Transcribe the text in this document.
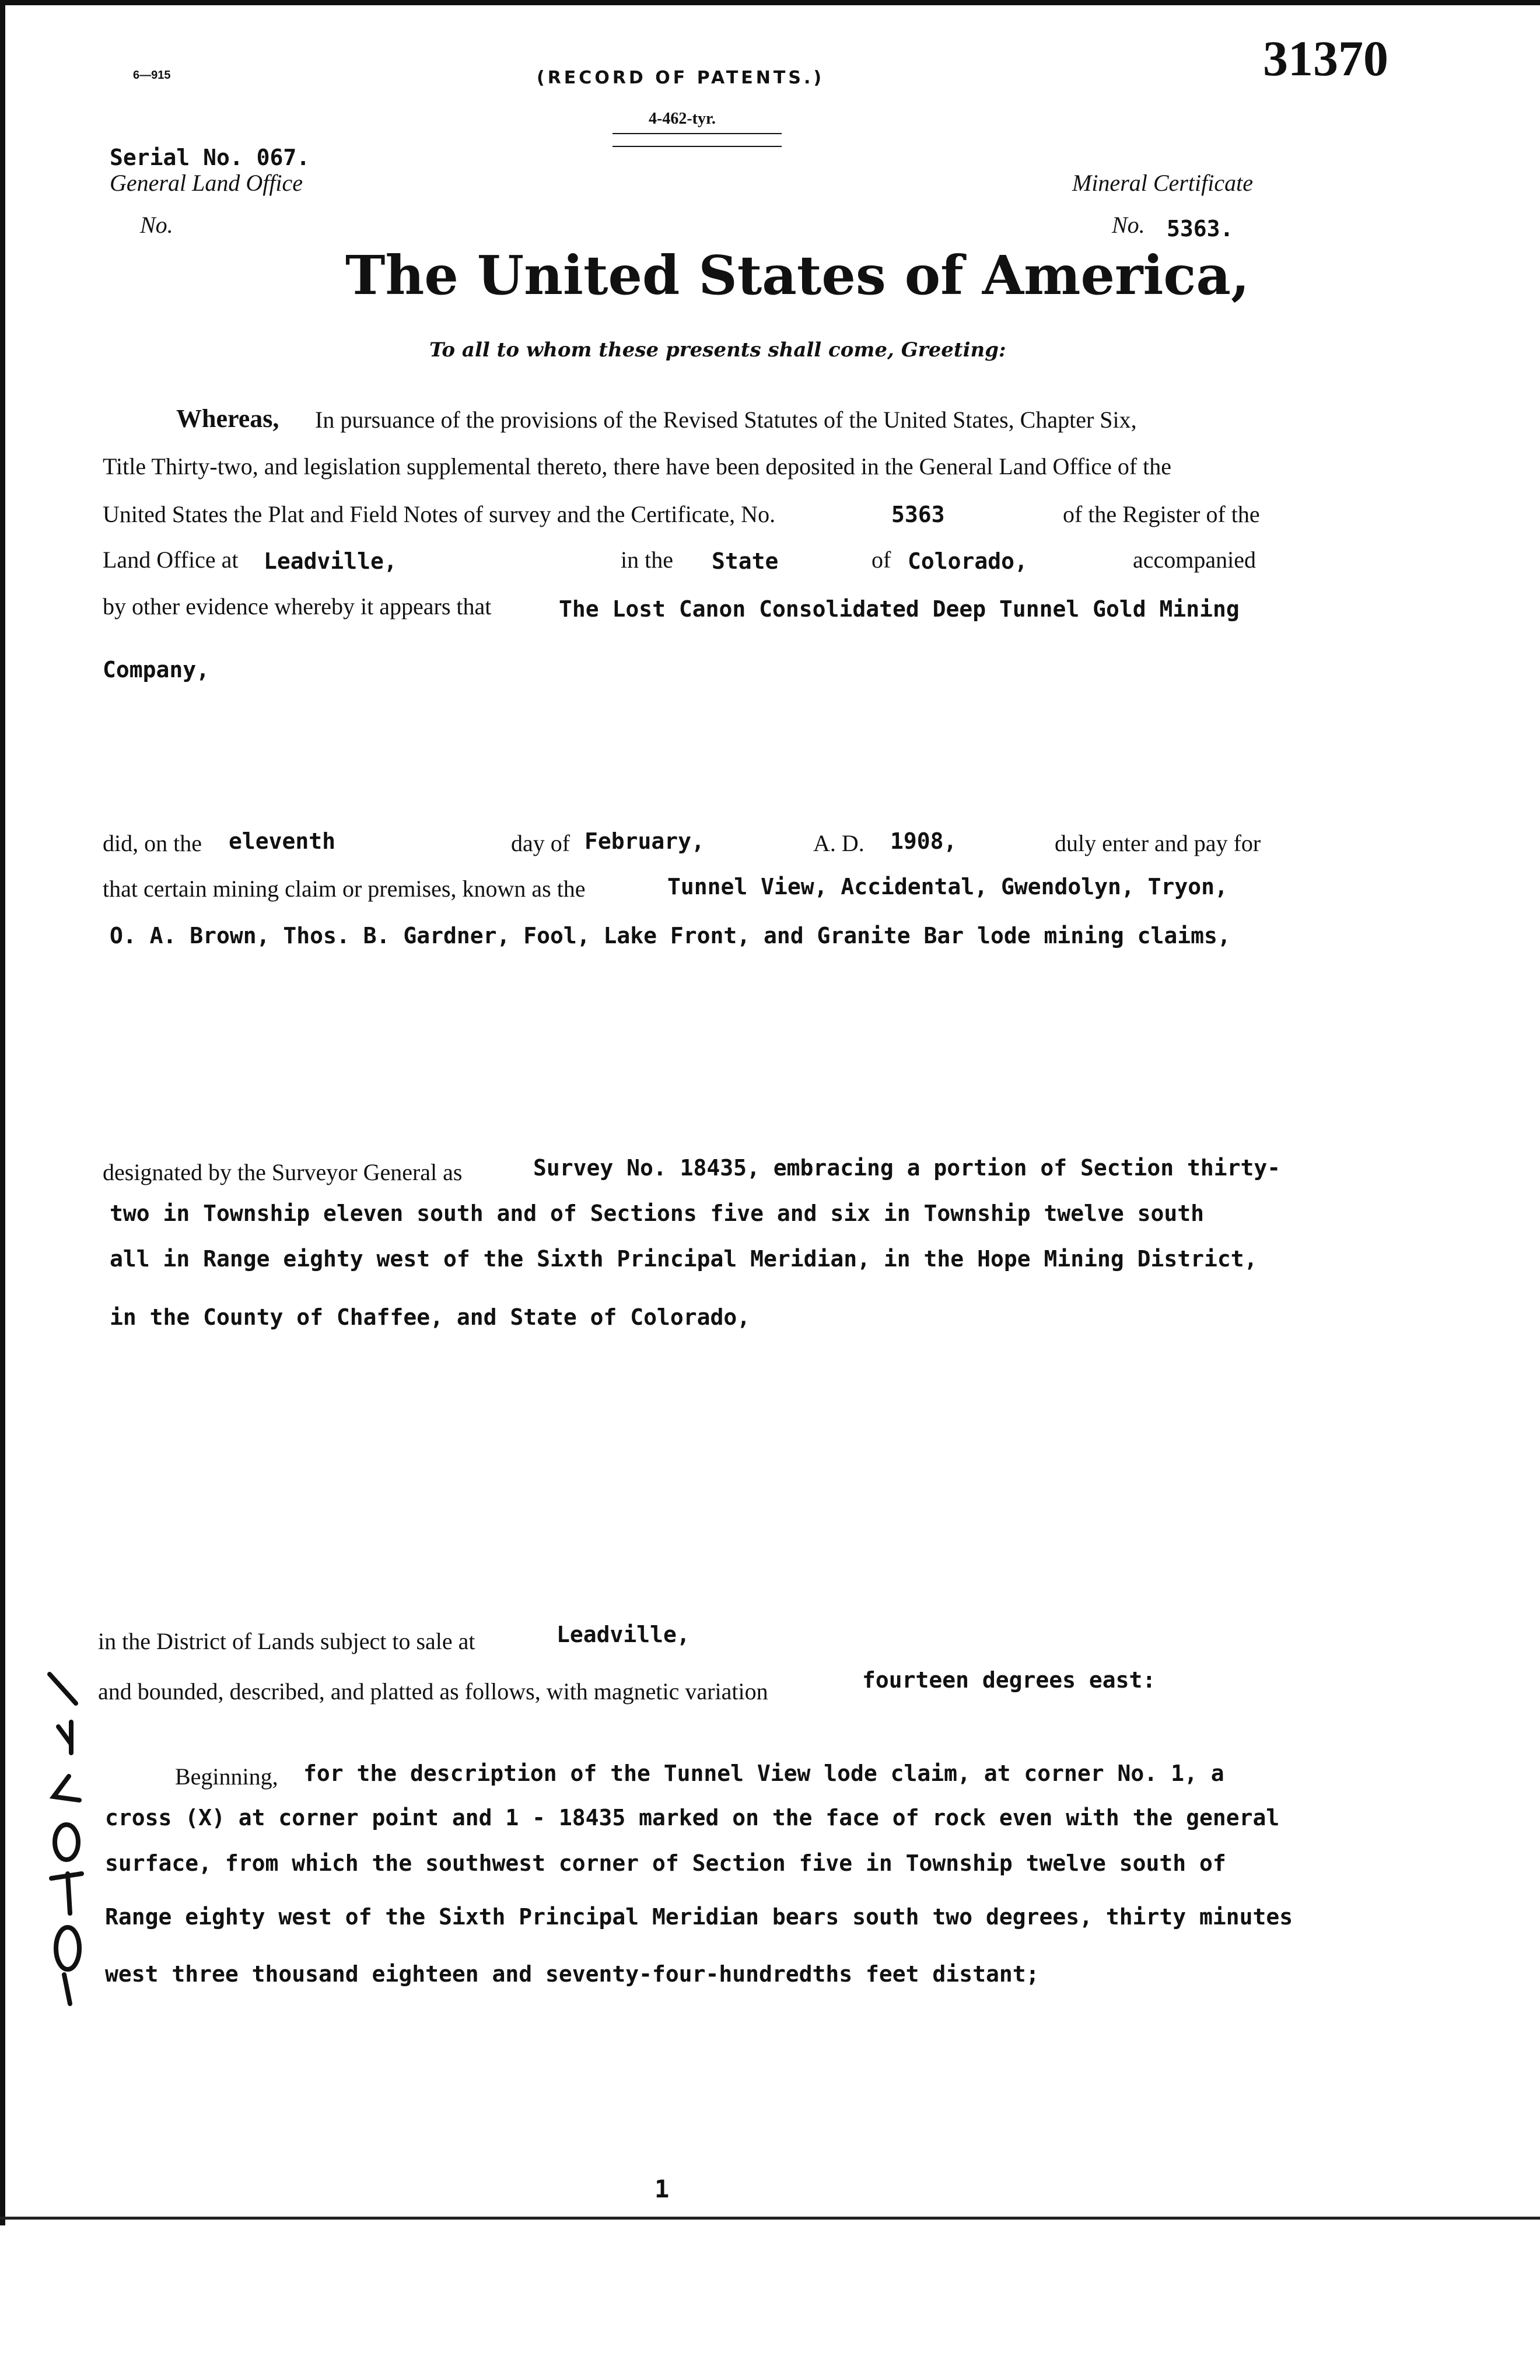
6—915	(RECORD OF PATENTS.)
4-462-tyr.
31370
Serial No. 067.
General Land Office
No.
Mineral Certificate
No. 5363.
The United States of America,
To all to whom these presents shall come, Greeting:
Whereas, In pursuance of the provisions of the Revised Statutes of the United States, Chapter Six,
Title Thirty-two, and legislation supplemental thereto, there have been deposited in the General Land Office of the
United States the Plat and Field Notes of survey and the Certificate, No.	5363	of the Register of the
Land Office at Leadville,	in the State	of Colorado,	accompanied
by other evidence whereby it appears that	The Lost Canon Consolidated Deep Tunnel Gold Mining
Company,
did, on the eleventh	day of February,	A. D. 1908,	duly enter and pay for
that certain mining claim or premises, known as the	Tunnel View, Accidental, Gwendolyn, Tryon,
O. A. Brown, Thos. B. Gardner, Fool, Lake Front, and Granite Bar lode mining claims,
designated by the Surveyor General as	Survey No. 18435, embracing a portion of Section thirty-
two in Township eleven south and of Sections five and six in Township twelve south
all in Range eighty west of the Sixth Principal Meridian, in the Hope Mining District,
in the County of Chaffee, and State of Colorado,
in the District of Lands subject to sale at	Leadville,
and bounded, described, and platted as follows, with magnetic variation	fourteen degrees east:
Beginning, for the description of the Tunnel View lode claim, at corner No. 1, a
cross (X) at corner point and 1 - 18435 marked on the face of rock even with the general
surface, from which the southwest corner of Section five in Township twelve south of
Range eighty west of the Sixth Principal Meridian bears south two degrees, thirty minutes
west three thousand eighteen and seventy-four-hundredths feet distant;
1
